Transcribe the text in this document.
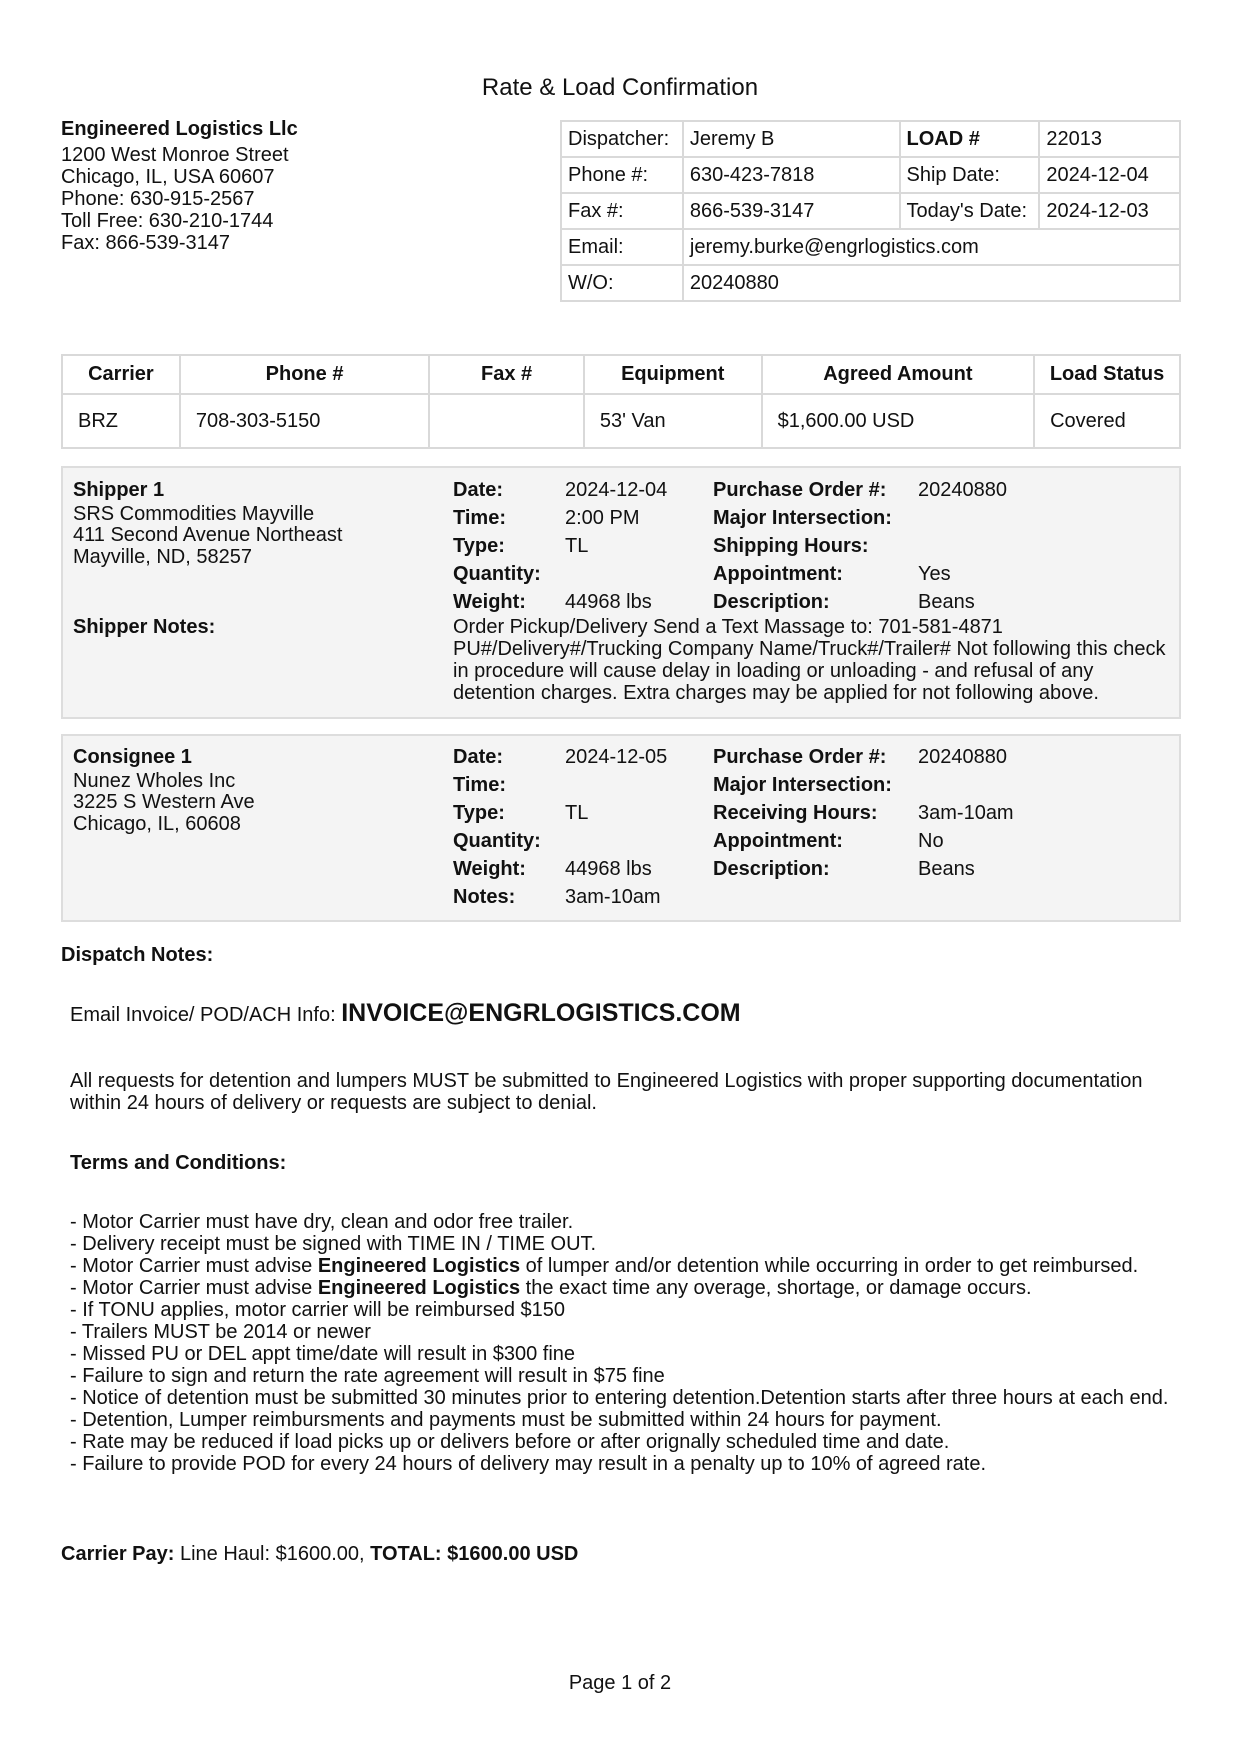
Rate & Load Confirmation
Engineered Logistics Llc
1200 West Monroe Street
Chicago, IL, USA 60607
Phone: 630-915-2567
Toll Free: 630-210-1744
Fax: 866-539-3147
Dispatcher:	Jeremy B	LOAD #	22013
Phone #:	630-423-7818	Ship Date:	2024-12-04
Fax #:	866-539-3147	Today's Date:	2024-12-03
Email:	jeremy.burke@engrlogistics.com		
W/O:	20240880		
Carrier	Phone #	Fax #	Equipment	Agreed Amount	Load Status
BRZ	708-303-5150		53' Van	$1,600.00 USD	Covered
Shipper 1
SRS Commodities Mayville
411 Second Avenue Northeast
Mayville, ND, 58257
Date:	2024-12-04
Time:	2:00 PM
Type:	TL
Quantity:
Weight: 44968 lbs
Purchase Order #: 20240880
Major Intersection:
Shipping Hours:
Appointment:	Yes
Description:	Beans
Shipper Notes:	Order Pickup/Delivery Send a Text Massage to: 701-581-4871 PU#/Delivery#/Trucking Company Name/Truck#/Trailer# Not following this check in procedure will cause delay in loading or unloading - and refusal of any detention charges. Extra charges may be applied for not following above.
Consignee 1
Nunez Wholes Inc
3225 S Western Ave
Chicago, IL, 60608
Date:	2024-12-05
Time:
Type:	TL
Quantity:
Weight: 44968 lbs
Notes: 3am-10am
Purchase Order #: 20240880
Major Intersection:
Receiving Hours: 3am-10am
Appointment:	No
Description:	Beans
Dispatch Notes:
Email Invoice/ POD/ACH Info: INVOICE@ENGRLOGISTICS.COM
All requests for detention and lumpers MUST be submitted to Engineered Logistics with proper supporting documentation within 24 hours of delivery or requests are subject to denial.
Terms and Conditions:
- Motor Carrier must have dry, clean and odor free trailer.
- Delivery receipt must be signed with TIME IN / TIME OUT.
- Motor Carrier must advise Engineered Logistics of lumper and/or detention while occurring in order to get reimbursed.
- Motor Carrier must advise Engineered Logistics the exact time any overage, shortage, or damage occurs.
- If TONU applies, motor carrier will be reimbursed $150
- Trailers MUST be 2014 or newer
- Missed PU or DEL appt time/date will result in $300 fine
- Failure to sign and return the rate agreement will result in $75 fine
- Notice of detention must be submitted 30 minutes prior to entering detention.Detention starts after three hours at each end.
- Detention, Lumper reimbursments and payments must be submitted within 24 hours for payment.
- Rate may be reduced if load picks up or delivers before or after orignally scheduled time and date.
- Failure to provide POD for every 24 hours of delivery may result in a penalty up to 10% of agreed rate.
Carrier Pay: Line Haul: $1600.00, TOTAL: $1600.00 USD
Page 1 of 2
